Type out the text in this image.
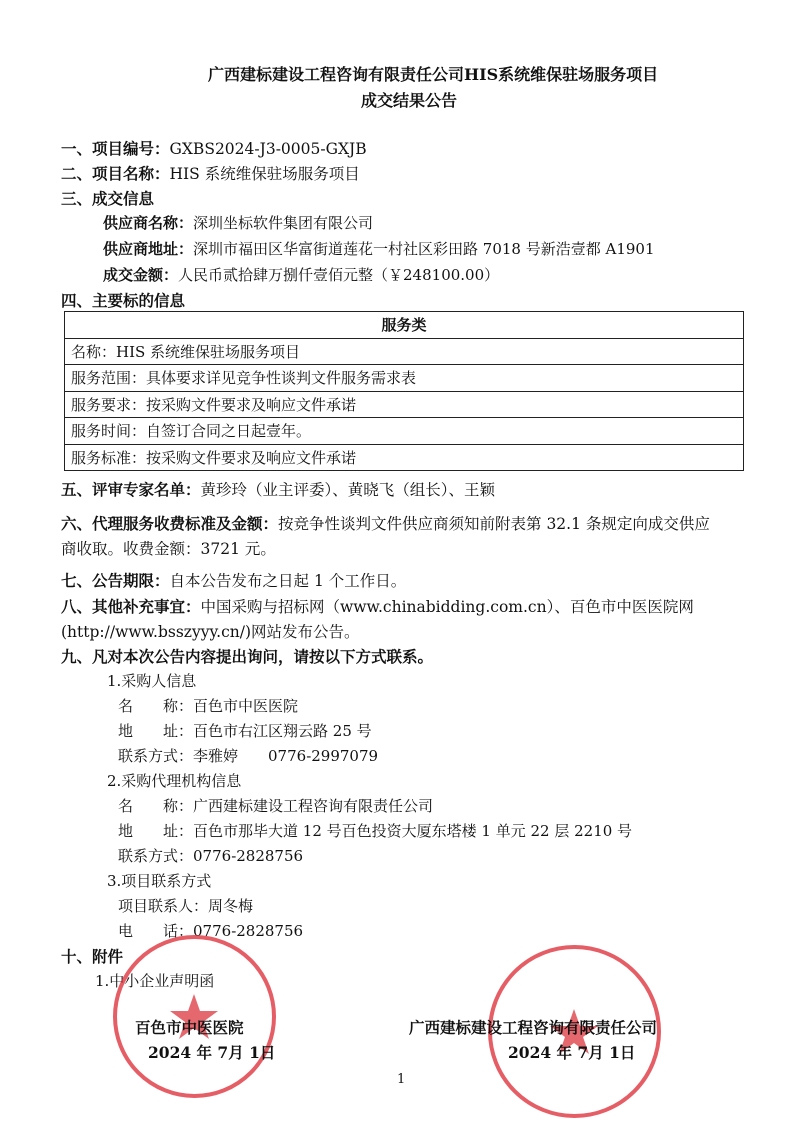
广西建标建设工程咨询有限责任公司HIS系统维保驻场服务项目
成交结果公告
一、项目编号：GXBS2024-J3-0005-GXJB
二、项目名称：HIS 系统维保驻场服务项目
三、成交信息
供应商名称：深圳坐标软件集团有限公司
供应商地址：深圳市福田区华富街道莲花一村社区彩田路 7018 号新浩壹都 A1901
成交金额：人民币贰拾肆万捌仟壹佰元整（￥248100.00）
四、主要标的信息
服务类
名称：HIS 系统维保驻场服务项目
服务范围：具体要求详见竞争性谈判文件服务需求表
服务要求：按采购文件要求及响应文件承诺
服务时间：自签订合同之日起壹年。
服务标准：按采购文件要求及响应文件承诺
五、评审专家名单：黄珍玲（业主评委）、黄晓飞（组长）、王颖
六、代理服务收费标准及金额：按竞争性谈判文件供应商须知前附表第 32.1 条规定向成交供应
商收取。收费金额：3721 元。
七、公告期限：自本公告发布之日起 1 个工作日。
八、其他补充事宜：中国采购与招标网（www.chinabidding.com.cn）、百色市中医医院网
(http://www.bsszyyy.cn/)网站发布公告。
九、凡对本次公告内容提出询问，请按以下方式联系。
1.采购人信息
名　　称：百色市中医医院
地　　址：百色市右江区翔云路 25 号
联系方式：李雅婷　　0776-2997079
2.采购代理机构信息
名　　称：广西建标建设工程咨询有限责任公司
地　　址：百色市那毕大道 12 号百色投资大厦东塔楼 1 单元 22 层 2210 号
联系方式：0776-2828756
3.项目联系方式
项目联系人：周冬梅
电　　话：0776-2828756
十、附件
1.中小企业声明函
百色市中医医院
2024 年 7月 1日
广西建标建设工程咨询有限责任公司
2024 年 7月 1日
1
